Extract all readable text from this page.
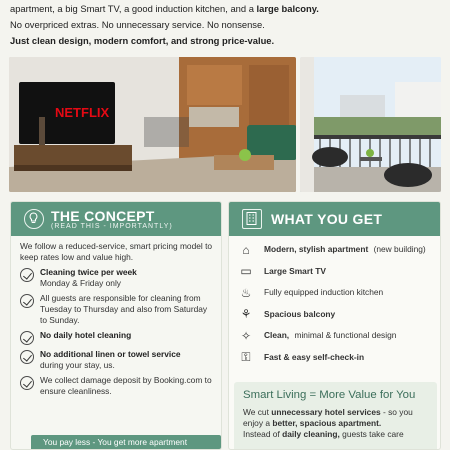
apartment, a big Smart TV, a good induction kitchen, and a large balcony.
No overpriced extras. No unnecessary service. No nonsense.
Just clean design, modern comfort, and strong price-value.
NETFLIX
THE CONCEPT
(READ THIS - IMPORTANTLY)
We follow a reduced-service, smart pricing model to keep rates low and value high.
Cleaning twice per week
Monday & Friday only
All guests are responsible for cleaning from Tuesday to Thursday and also from Saturday to Sunday.
No daily hotel cleaning
No additional linen or towel service
during your stay, us.
We collect damage deposit by Booking.com to ensure cleanliness.
You pay less - You get more apartment
WHAT YOU GET
⌂	Modern, stylish apartment (new building)
▭ Large Smart TV
♨	Fully equipped induction kitchen
⚘	Spacious balcony
✧	Clean, minimal & functional design
⚿	Fast & easy self-check-in
Smart Living = More Value for You
We cut unnecessary hotel services - so you
enjoy a better, spacious apartment.
Instead of daily cleaning, guests take care
